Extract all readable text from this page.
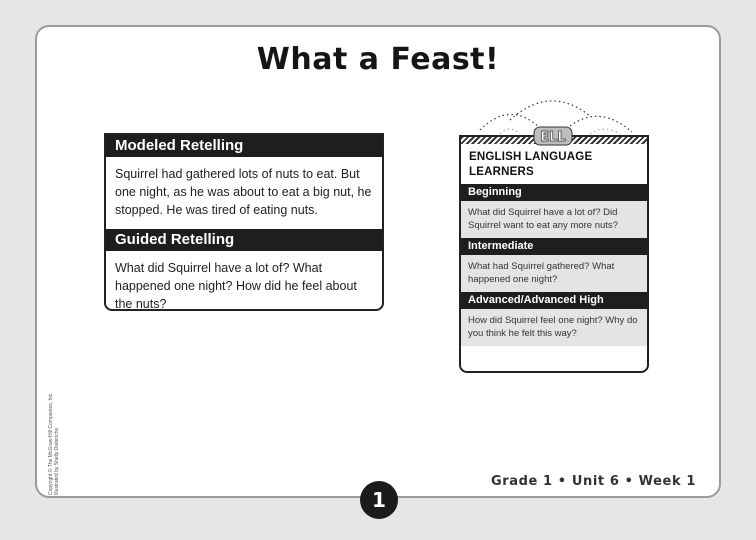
What a Feast!
Modeled Retelling

Squirrel had gathered lots of nuts to eat. But one night, as he was about to eat a big nut, he stopped. He was tired of eating nuts.

Guided Retelling

What did Squirrel have a lot of? What happened one night? How did he feel about the nuts?

ENGLISH LANGUAGE LEARNERS
Beginning
What did Squirrel have a lot of? Did Squirrel want to eat any more nuts?
Intermediate
What had Squirrel gathered? What happened one night?
Advanced/Advanced High
How did Squirrel feel one night? Why do you think he felt this way?
ELL
Copyright © The McGraw-Hill Companies, Inc. Illustrated by Shelly Dieterichs	Grade 1 • Unit 6 • Week 1
1
